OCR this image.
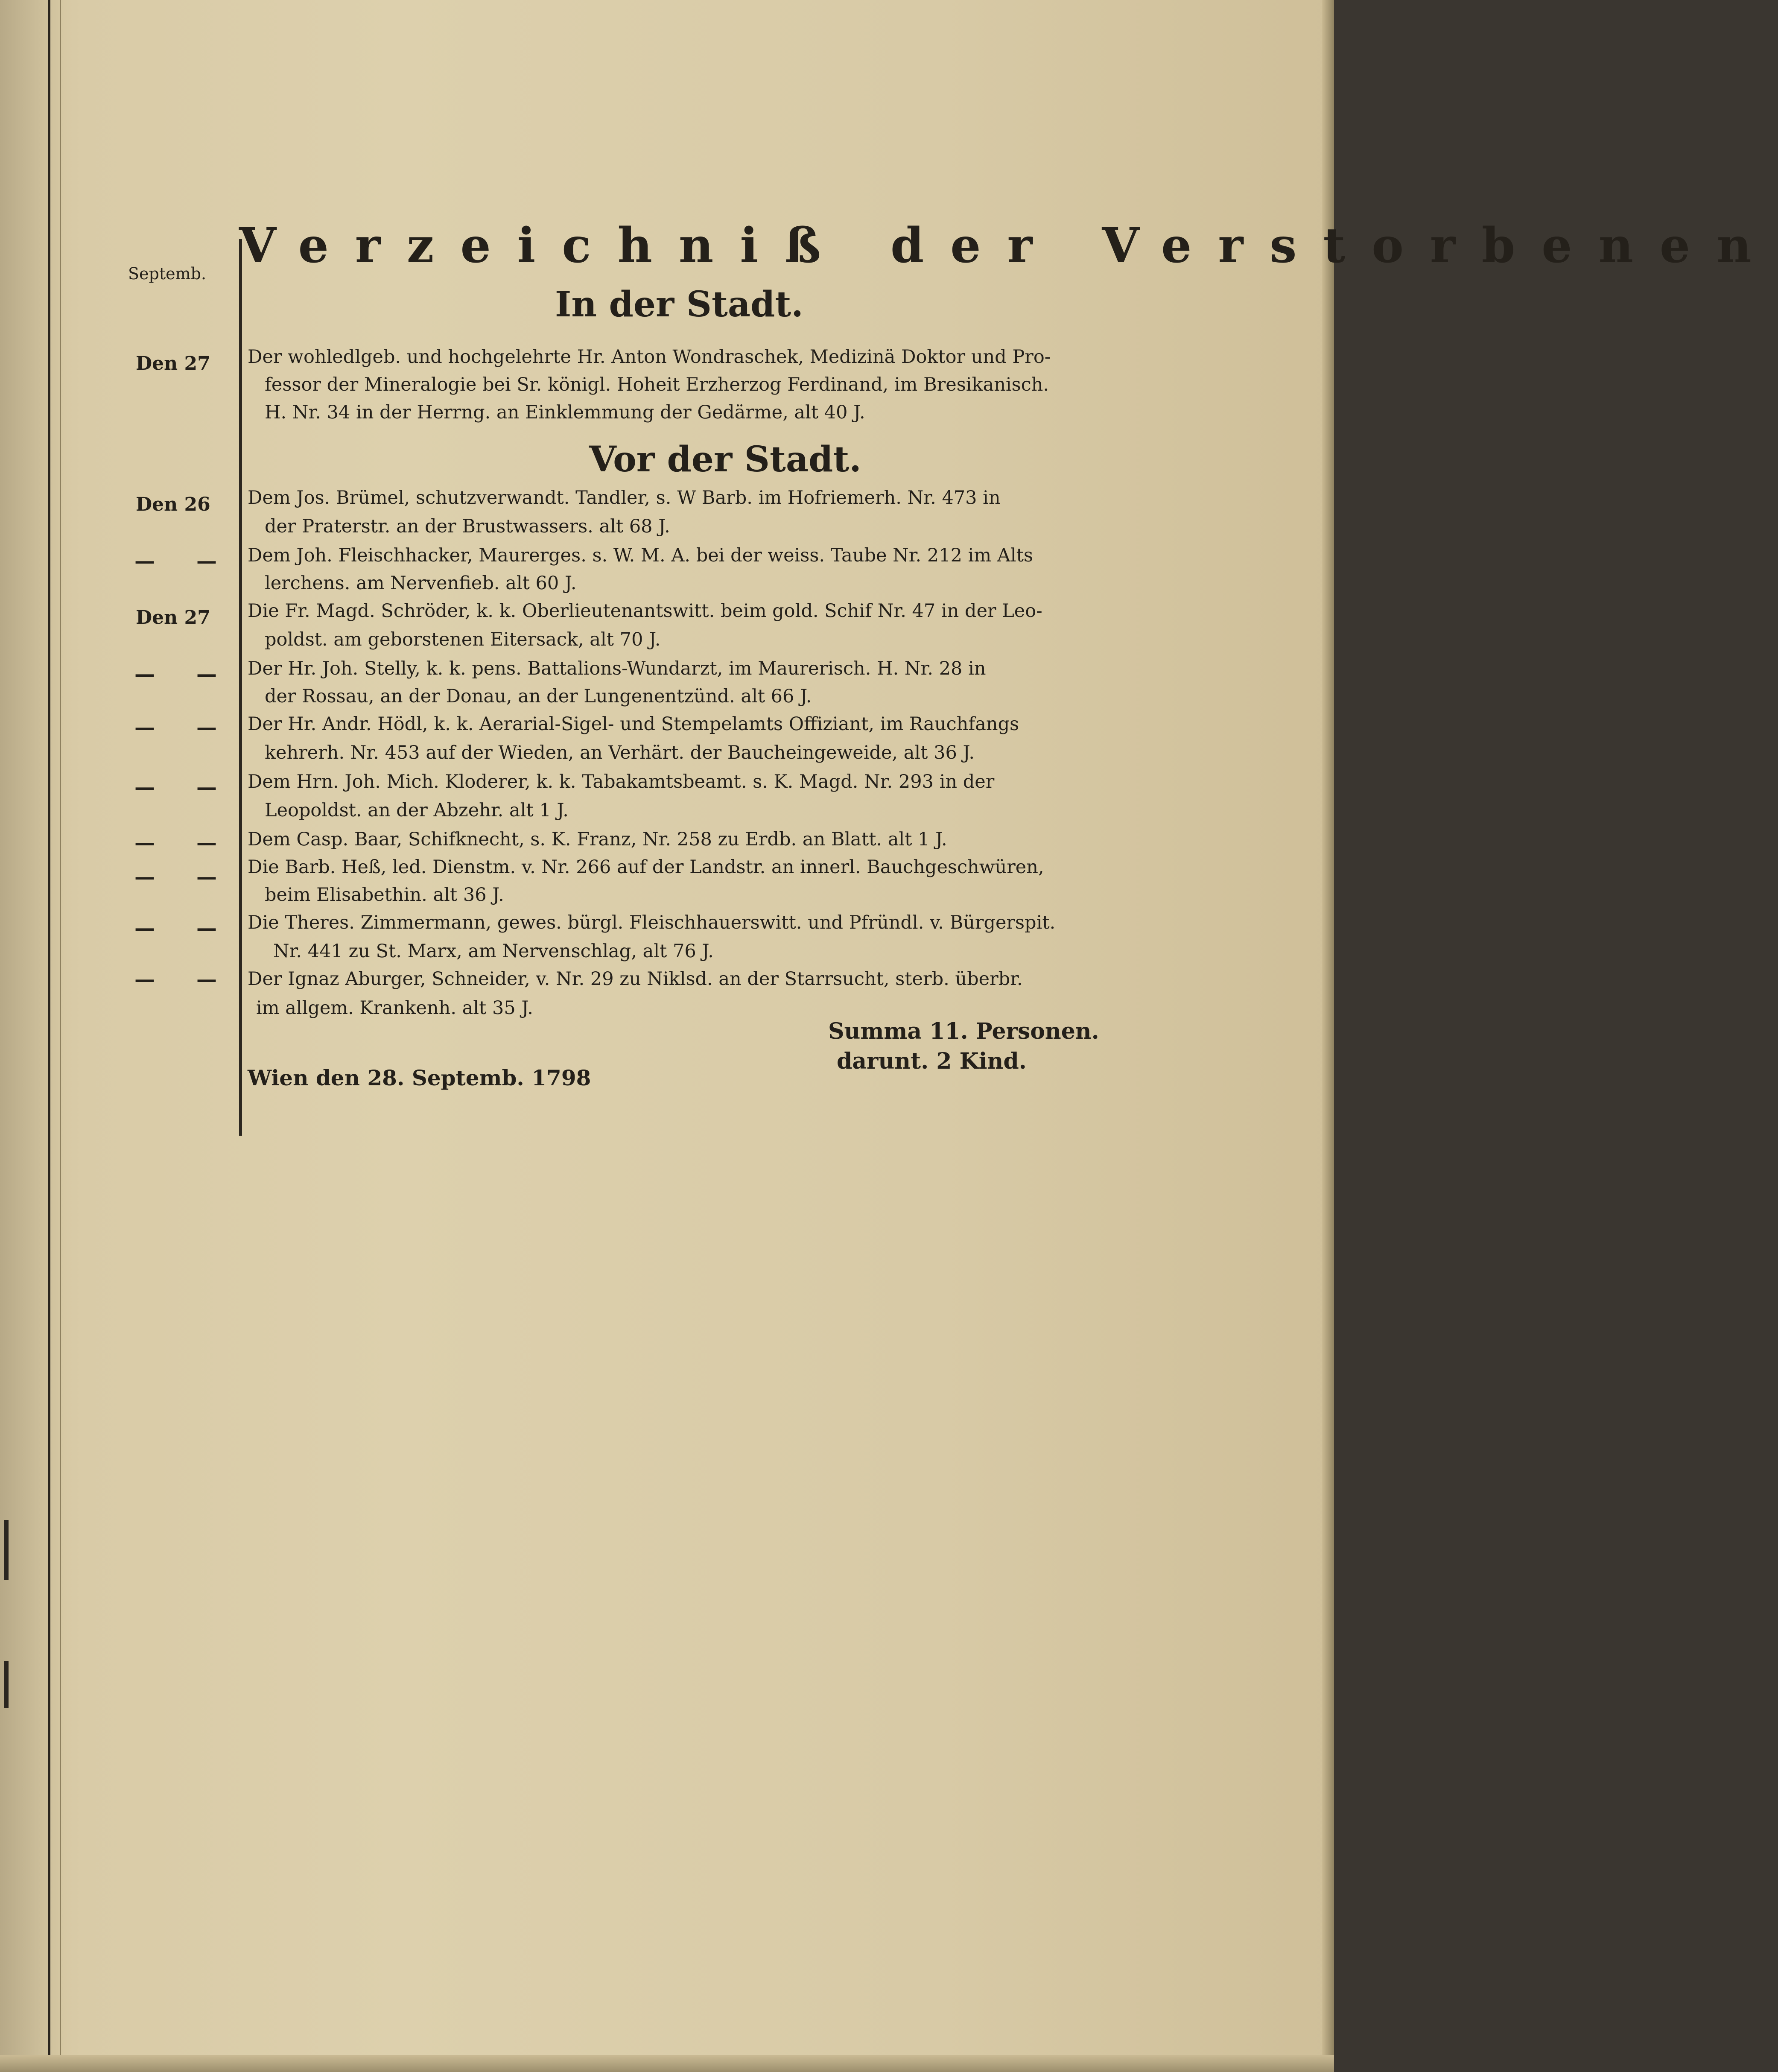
Septemb.
Den 27
Den 26
Den 27
— —
— —
— —
— —
— —
— —
— —
— —
Verzeichniß der Verstorbenen
In der Stadt.
Der wohledlgeb. und hochgelehrte Hr. Anton Wondraschek, Medizinä Doktor und Pro-
fessor der Mineralogie bei Sr. königl. Hoheit Erzherzog Ferdinand, im Bresikanisch.
H. Nr. 34 in der Herrng. an Einklemmung der Gedärme, alt 40 J.
Vor der Stadt.
Dem Jos. Brümel, schutzverwandt. Tandler, s. W Barb. im Hofriemerh. Nr. 473 in
der Praterstr. an der Brustwassers. alt 68 J.
Dem Joh. Fleischhacker, Maurerges. s. W. M. A. bei der weiss. Taube Nr. 212 im Alts
lerchens. am Nervenfieb. alt 60 J.
Die Fr. Magd. Schröder, k. k. Oberlieutenantswitt. beim gold. Schif Nr. 47 in der Leo-
poldst. am geborstenen Eitersack, alt 70 J.
Der Hr. Joh. Stelly, k. k. pens. Battalions-Wundarzt, im Maurerisch. H. Nr. 28 in
der Rossau, an der Donau, an der Lungenentzünd. alt 66 J.
Der Hr. Andr. Hödl, k. k. Aerarial-Sigel- und Stempelamts Offiziant, im Rauchfangs
kehrerh. Nr. 453 auf der Wieden, an Verhärt. der Baucheingeweide, alt 36 J.
Dem Hrn. Joh. Mich. Kloderer, k. k. Tabakamtsbeamt. s. K. Magd. Nr. 293 in der
Leopoldst. an der Abzehr. alt 1 J.
Dem Casp. Baar, Schifknecht, s. K. Franz, Nr. 258 zu Erdb. an Blatt. alt 1 J.
Die Barb. Heß, led. Dienstm. v. Nr. 266 auf der Landstr. an innerl. Bauchgeschwüren,
beim Elisabethin. alt 36 J.
Die Theres. Zimmermann, gewes. bürgl. Fleischhauerswitt. und Pfründl. v. Bürgerspit.
Nr. 441 zu St. Marx, am Nervenschlag, alt 76 J.
Der Ignaz Aburger, Schneider, v. Nr. 29 zu Niklsd. an der Starrsucht, sterb. überbr.
im allgem. Krankenh. alt 35 J.
Summa 11. Personen.
darunt. 2 Kind.
Wien den 28. Septemb. 1798
